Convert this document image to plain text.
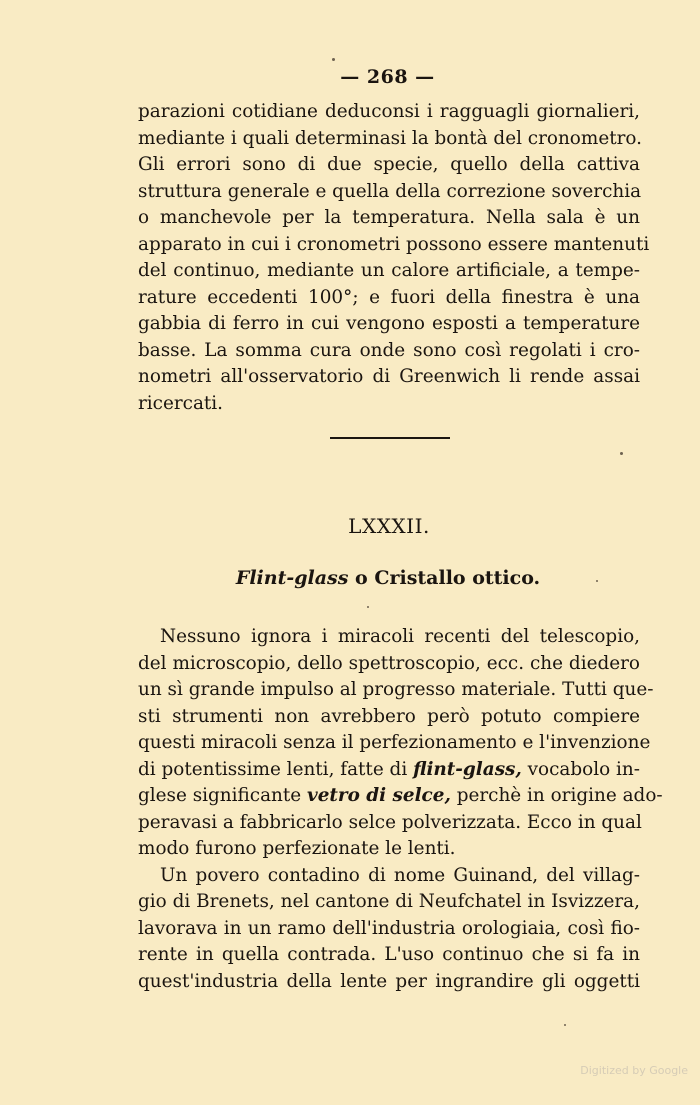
— 268 —
parazioni cotidiane deduconsi i ragguagli giornalieri,
mediante i quali determinasi la bontà del cronometro.
Gli errori sono di due specie, quello della cattiva
struttura generale e quella della correzione soverchia
o manchevole per la temperatura. Nella sala è un
apparato in cui i cronometri possono essere mantenuti
del continuo, mediante un calore artificiale, a tempe-
rature eccedenti 100°; e fuori della finestra è una
gabbia di ferro in cui vengono esposti a temperature
basse. La somma cura onde sono così regolati i cro-
nometri all'osservatorio di Greenwich li rende assai
ricercati.
LXXXII.
Flint-glass o Cristallo ottico.
Nessuno ignora i miracoli recenti del telescopio,
del microscopio, dello spettroscopio, ecc. che diedero
un sì grande impulso al progresso materiale. Tutti que-
sti strumenti non avrebbero però potuto compiere
questi miracoli senza il perfezionamento e l'invenzione
di potentissime lenti, fatte di flint-glass, vocabolo in-
glese significante vetro di selce, perchè in origine ado-
peravasi a fabbricarlo selce polverizzata. Ecco in qual
modo furono perfezionate le lenti.
Un povero contadino di nome Guinand, del villag-
gio di Brenets, nel cantone di Neufchatel in Isvizzera,
lavorava in un ramo dell'industria orologiaia, così fio-
rente in quella contrada. L'uso continuo che si fa in
quest'industria della lente per ingrandire gli oggetti
Digitized by Google
